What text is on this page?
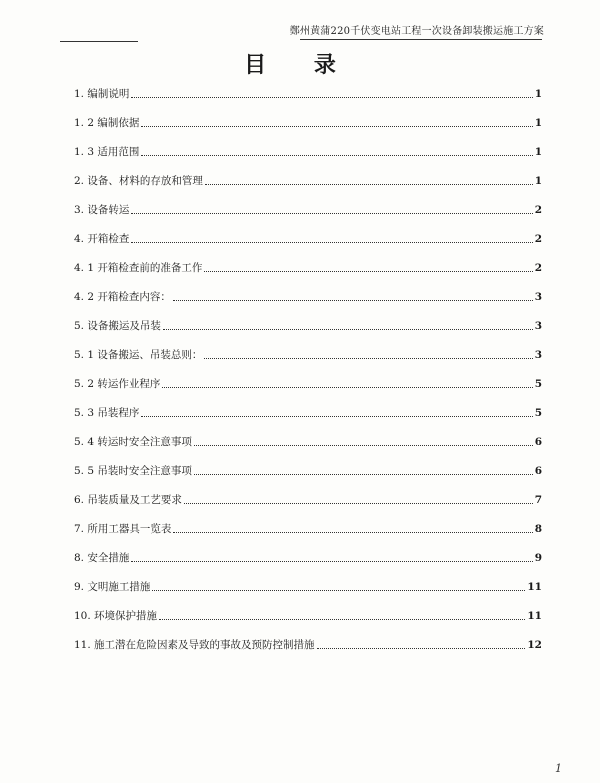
鄭州黄蒲220千伏变电站工程一次设备卸装搬运施工方案
目 录
1. 编制说明	1
1. 2 编制依据	1
1. 3 适用范围	1
2. 设备、材料的存放和管理	1
3. 设备转运	2
4. 开箱检查	2
4. 1 开箱检查前的准备工作	2
4. 2 开箱检查内容：	3
5. 设备搬运及吊装	3
5. 1 设备搬运、吊装总则：	3
5. 2 转运作业程序	5
5. 3 吊装程序	5
5. 4 转运时安全注意事项	6
5. 5 吊装时安全注意事项	6
6. 吊装质量及工艺要求	7
7. 所用工器具一览表	8
8. 安全措施	9
9. 文明施工措施	11
10. 环境保护措施	11
11. 施工潜在危险因素及导致的事故及预防控制措施	12
1
